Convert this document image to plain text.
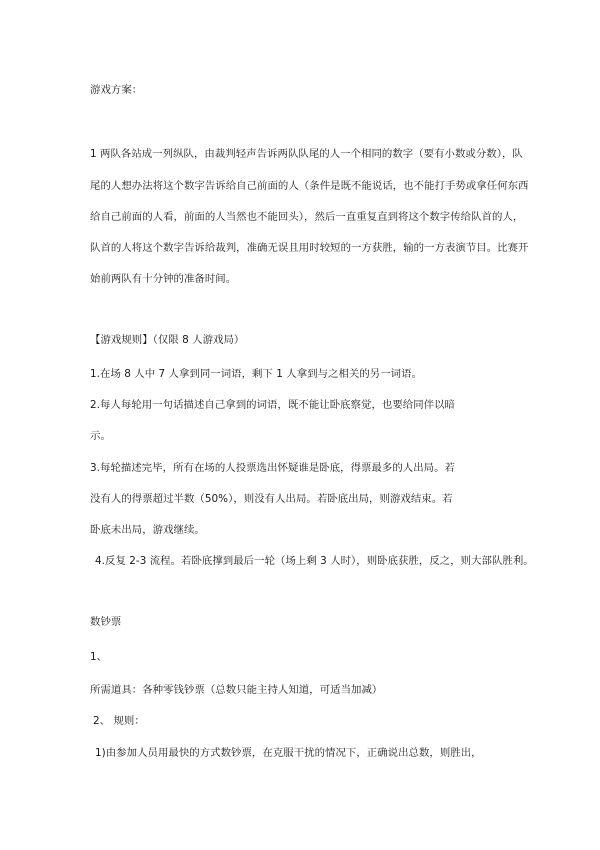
游戏方案：
1 两队各站成一列纵队，由裁判轻声告诉两队队尾的人一个相同的数字（要有小数或分数），队
尾的人想办法将这个数字告诉给自己前面的人（条件是既不能说话，也不能打手势或拿任何东西
给自己前面的人看，前面的人当然也不能回头），然后一直重复直到将这个数字传给队首的人，
队首的人将这个数字告诉给裁判，准确无误且用时较短的一方获胜，输的一方表演节目。比赛开
始前两队有十分钟的准备时间。
【游戏规则】（仅限 8 人游戏局）
1.在场 8 人中 7 人拿到同一词语，剩下 1 人拿到与之相关的另一词语。
2.每人每轮用一句话描述自己拿到的词语，既不能让卧底察觉，也要给同伴以暗
示。
3.每轮描述完毕，所有在场的人投票选出怀疑谁是卧底，得票最多的人出局。若
没有人的得票超过半数（50%），则没有人出局。若卧底出局，则游戏结束。若
卧底未出局，游戏继续。
4.反复 2-3 流程。若卧底撑到最后一轮（场上剩 3 人时），则卧底获胜，反之，则大部队胜利。
数钞票
1、
所需道具：各种零钱钞票（总数只能主持人知道，可适当加减）
2、 规则：
1)由参加人员用最快的方式数钞票，在克服干扰的情况下，正确说出总数，则胜出，
